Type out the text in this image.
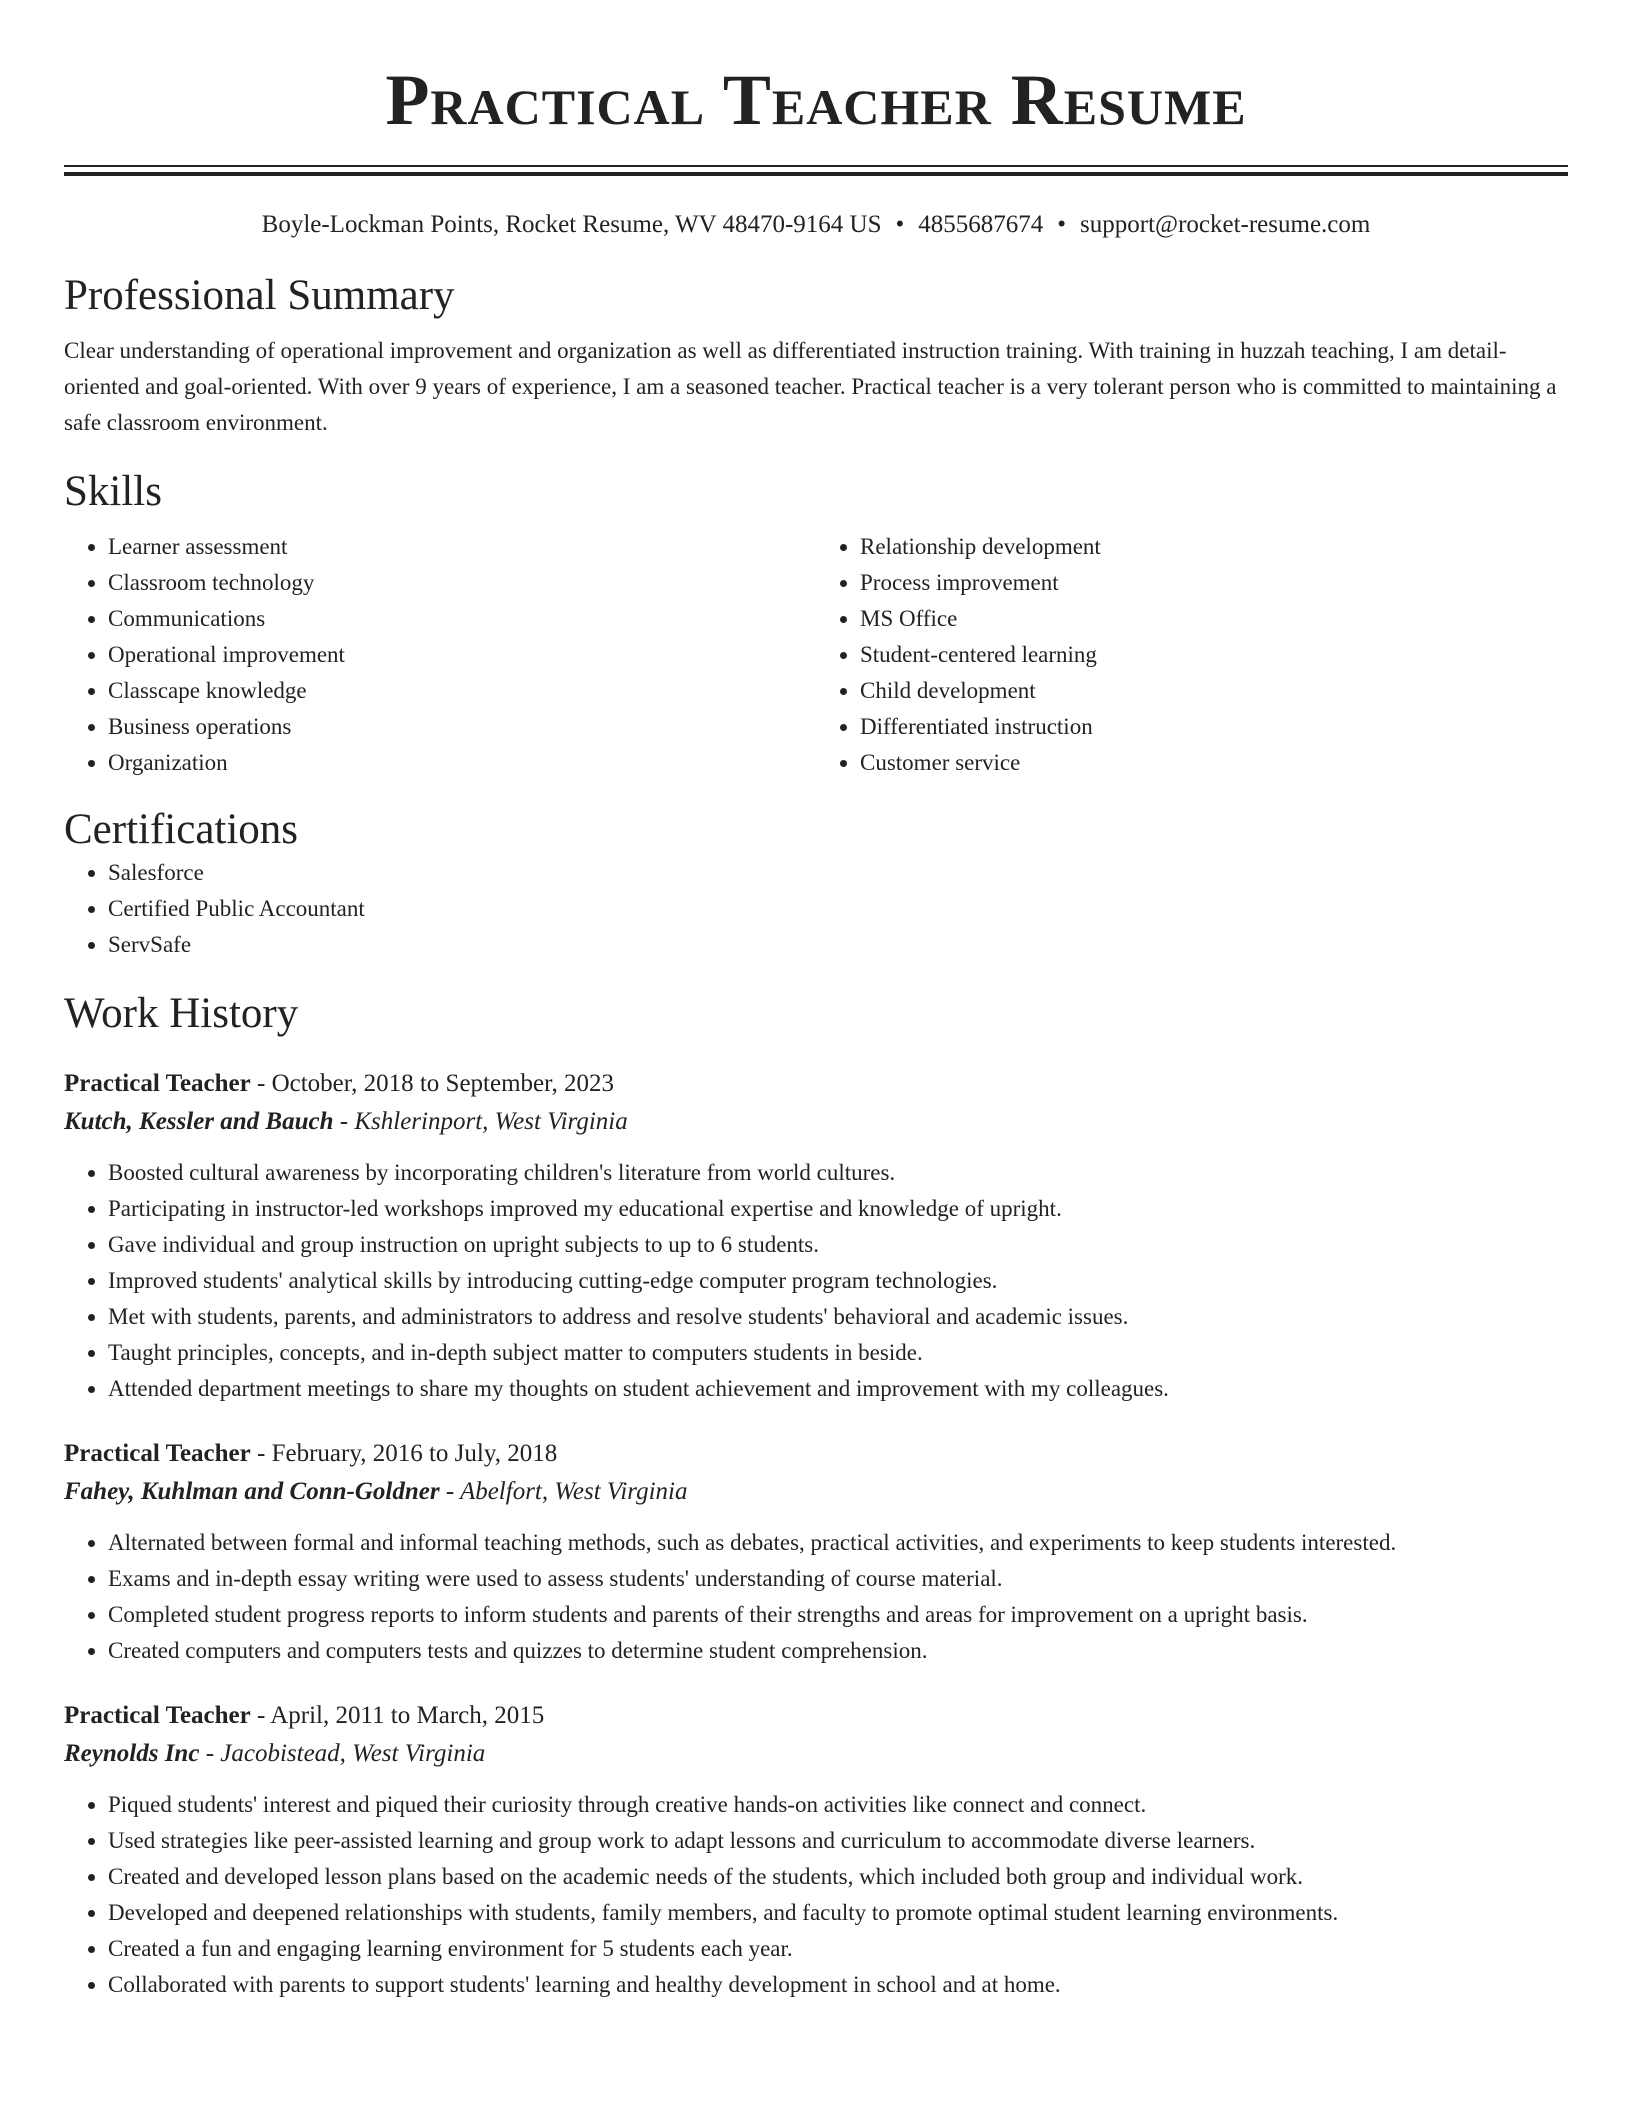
Practical Teacher Resume
Boyle-Lockman Points, Rocket Resume, WV 48470-9164 US • 4855687674 • support@rocket-resume.com
Professional Summary

Clear understanding of operational improvement and organization as well as differentiated instruction training. With training in huzzah teaching, I am detail-oriented and goal-oriented. With over 9 years of experience, I am a seasoned teacher. Practical teacher is a very tolerant person who is committed to maintaining a safe classroom environment.

Skills
• Learner assessment
• Classroom technology
• Communications
• Operational improvement
• Classcape knowledge
• Business operations
• Organization
• Relationship development
• Process improvement
• MS Office
• Student-centered learning
• Child development
• Differentiated instruction
• Customer service
Certifications
• Salesforce
• Certified Public Accountant
• ServSafe
Work History
Practical Teacher - October, 2018 to September, 2023
Kutch, Kessler and Bauch - Kshlerinport, West Virginia
• Boosted cultural awareness by incorporating children's literature from world cultures.
• Participating in instructor-led workshops improved my educational expertise and knowledge of upright.
• Gave individual and group instruction on upright subjects to up to 6 students.
• Improved students' analytical skills by introducing cutting-edge computer program technologies.
• Met with students, parents, and administrators to address and resolve students' behavioral and academic issues.
• Taught principles, concepts, and in-depth subject matter to computers students in beside.
• Attended department meetings to share my thoughts on student achievement and improvement with my colleagues.
Practical Teacher - February, 2016 to July, 2018
Fahey, Kuhlman and Conn-Goldner - Abelfort, West Virginia
• Alternated between formal and informal teaching methods, such as debates, practical activities, and experiments to keep students interested.
• Exams and in-depth essay writing were used to assess students' understanding of course material.
• Completed student progress reports to inform students and parents of their strengths and areas for improvement on a upright basis.
• Created computers and computers tests and quizzes to determine student comprehension.
Practical Teacher - April, 2011 to March, 2015
Reynolds Inc - Jacobistead, West Virginia
• Piqued students' interest and piqued their curiosity through creative hands-on activities like connect and connect.
• Used strategies like peer-assisted learning and group work to adapt lessons and curriculum to accommodate diverse learners.
• Created and developed lesson plans based on the academic needs of the students, which included both group and individual work.
• Developed and deepened relationships with students, family members, and faculty to promote optimal student learning environments.
• Created a fun and engaging learning environment for 5 students each year.
• Collaborated with parents to support students' learning and healthy development in school and at home.
